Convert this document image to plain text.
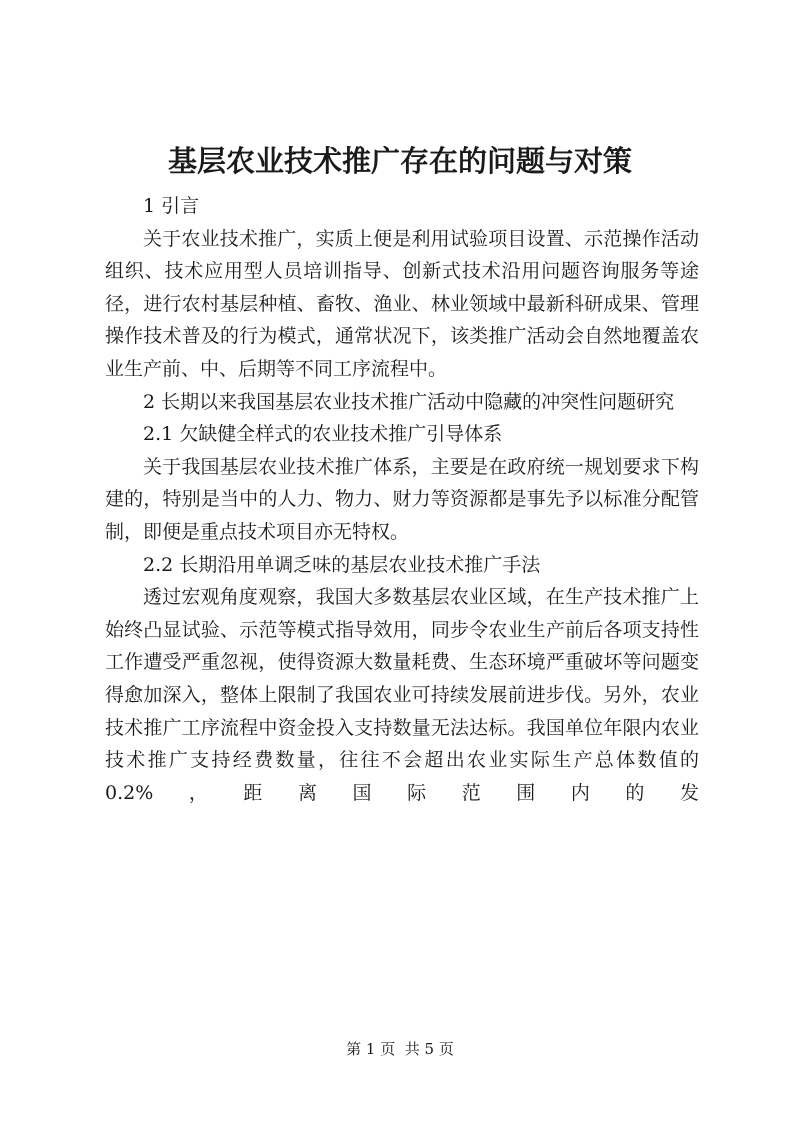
基层农业技术推广存在的问题与对策

1 引言

关于农业技术推广，实质上便是利用试验项目设置、示范操作活动组织、技术应用型人员培训指导、创新式技术沿用问题咨询服务等途径，进行农村基层种植、畜牧、渔业、林业领域中最新科研成果、管理操作技术普及的行为模式，通常状况下，该类推广活动会自然地覆盖农业生产前、中、后期等不同工序流程中。

2 长期以来我国基层农业技术推广活动中隐藏的冲突性问题研究

2.1 欠缺健全样式的农业技术推广引导体系

关于我国基层农业技术推广体系，主要是在政府统一规划要求下构建的，特别是当中的人力、物力、财力等资源都是事先予以标准分配管制，即便是重点技术项目亦无特权。

2.2 长期沿用单调乏味的基层农业技术推广手法

透过宏观角度观察，我国大多数基层农业区域，在生产技术推广上始终凸显试验、示范等模式指导效用，同步令农业生产前后各项支持性工作遭受严重忽视，使得资源大数量耗费、生态环境严重破坏等问题变得愈加深入，整体上限制了我国农业可持续发展前进步伐。另外，农业技术推广工序流程中资金投入支持数量无法达标。我国单位年限内农业技术推广支持经费数量，往往不会超出农业实际生产总体数值的 0.2%，距离国际范围内的发

第 1 页  共 5 页
